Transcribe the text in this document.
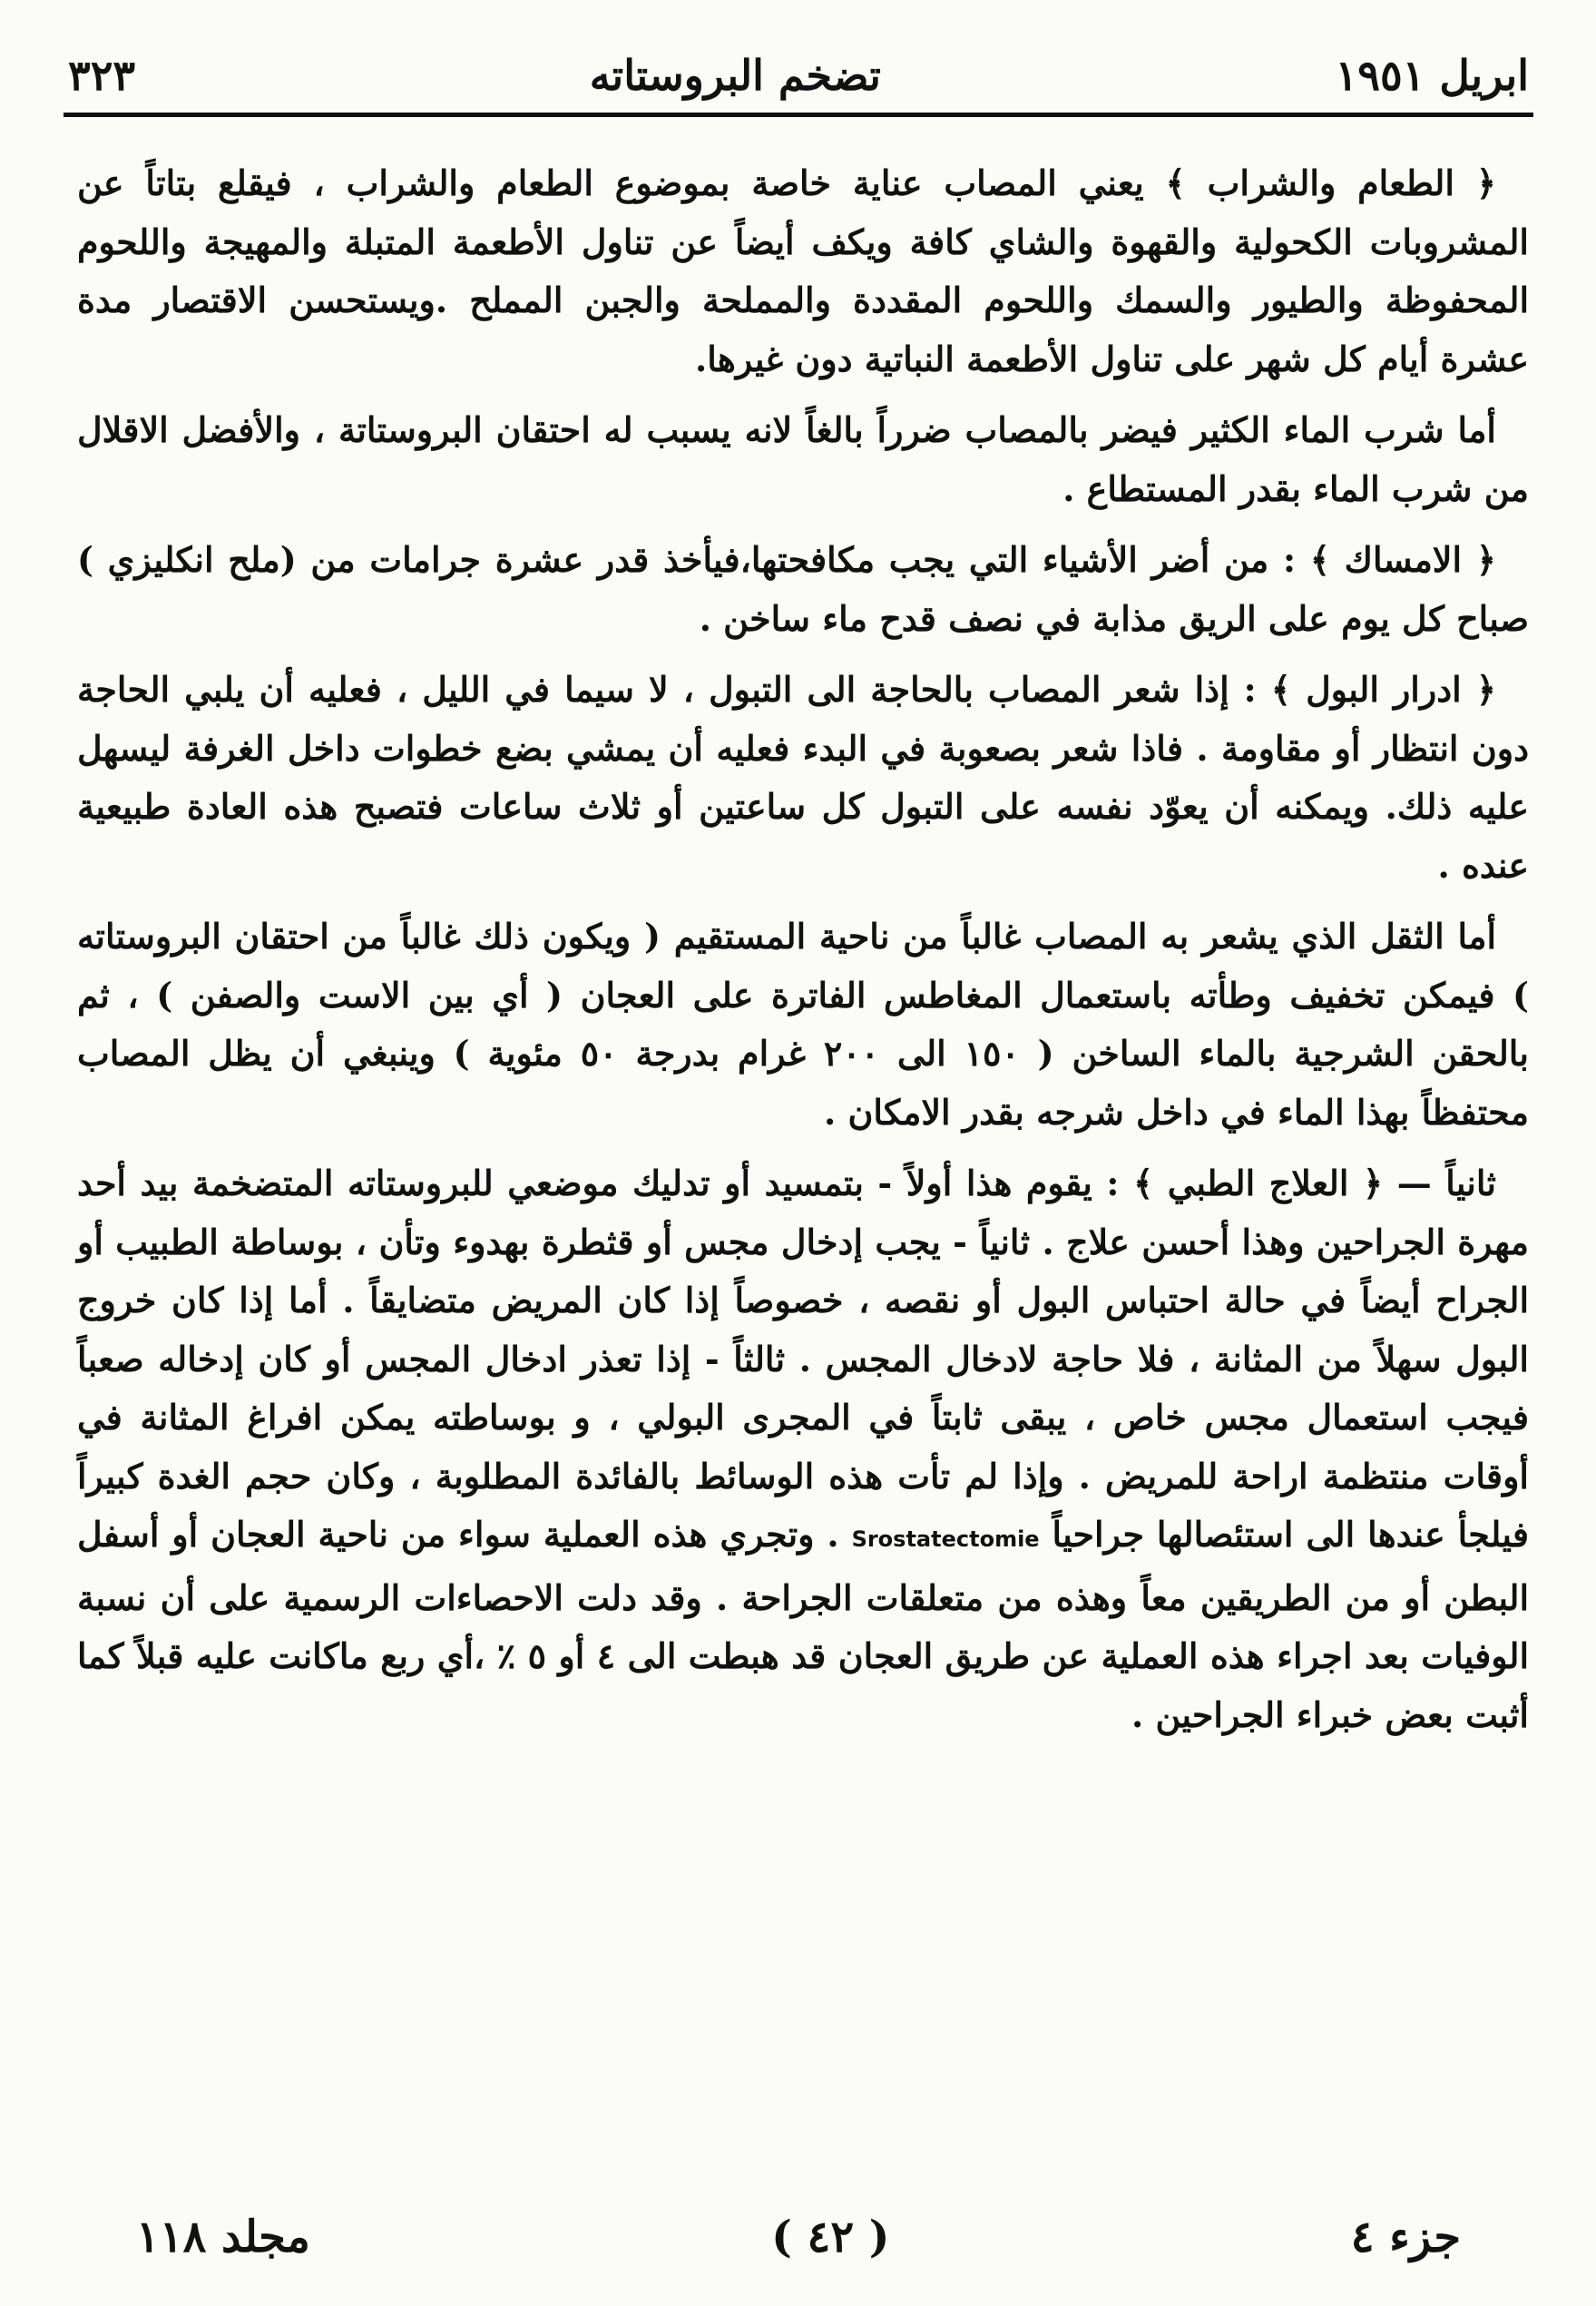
ابريل ١٩٥١
تضخم البروستاته
٣٢٣

﴿ الطعام والشراب ﴾ يعني المصاب عناية خاصة بموضوع الطعام والشراب ، فيقلع بتاتاً عن المشروبات الكحولية والقهوة والشاي كافة ويكف أيضاً عن تناول الأطعمة المتبلة والمهيجة واللحوم المحفوظة والطيور والسمك واللحوم المقددة والمملحة والجبن المملح .ويستحسن الاقتصار مدة عشرة أيام كل شهر على تناول الأطعمة النباتية دون غيرها.

أما شرب الماء الكثير فيضر بالمصاب ضرراً بالغاً لانه يسبب له احتقان البروستاتة ، والأفضل الاقلال من شرب الماء بقدر المستطاع .

﴿ الامساك ﴾ : من أضر الأشياء التي يجب مكافحتها،فيأخذ قدر عشرة جرامات من (ملح انكليزي ) صباح كل يوم على الريق مذابة في نصف قدح ماء ساخن .

﴿ ادرار البول ﴾ : إذا شعر المصاب بالحاجة الى التبول ، لا سيما في الليل ، فعليه أن يلبي الحاجة دون انتظار أو مقاومة . فاذا شعر بصعوبة في البدء فعليه أن يمشي بضع خطوات داخل الغرفة ليسهل عليه ذلك. ويمكنه أن يعوّد نفسه على التبول كل ساعتين أو ثلاث ساعات فتصبح هذه العادة طبيعية عنده .

أما الثقل الذي يشعر به المصاب غالباً من ناحية المستقيم ( ويكون ذلك غالباً من احتقان البروستاته ) فيمكن تخفيف وطأته باستعمال المغاطس الفاترة على العجان ( أي بين الاست والصفن ) ، ثم بالحقن الشرجية بالماء الساخن ( ١٥٠ الى ٢٠٠ غرام بدرجة ٥٠ مئوية ) وينبغي أن يظل المصاب محتفظاً بهذا الماء في داخل شرجه بقدر الامكان .

ثانياً — ﴿ العلاج الطبي ﴾ : يقوم هذا أولاً - بتمسيد أو تدليك موضعي للبروستاته المتضخمة بيد أحد مهرة الجراحين وهذا أحسن علاج . ثانياً - يجب إدخال مجس أو قثطرة بهدوء وتأن ، بوساطة الطبيب أو الجراح أيضاً في حالة احتباس البول أو نقصه ، خصوصاً إذا كان المريض متضايقاً . أما إذا كان خروج البول سهلاً من المثانة ، فلا حاجة لادخال المجس . ثالثاً - إذا تعذر ادخال المجس أو كان إدخاله صعباً فيجب استعمال مجس خاص ، يبقى ثابتاً في المجرى البولي ، و بوساطته يمكن افراغ المثانة في أوقات منتظمة اراحة للمريض . وإذا لم تأت هذه الوسائط بالفائدة المطلوبة ، وكان حجم الغدة كبيراً فيلجأ عندها الى استئصالها جراحياً Srostatectomie . وتجري هذه العملية سواء من ناحية العجان أو أسفل البطن أو من الطريقين معاً وهذه من متعلقات الجراحة . وقد دلت الاحصاءات الرسمية على أن نسبة الوفيات بعد اجراء هذه العملية عن طريق العجان قد هبطت الى ٤ أو ٥ ٪ ،أي ربع ماكانت عليه قبلاً كما أثبت بعض خبراء الجراحين .

جزء ٤
( ٤٢ )
مجلد ١١٨
